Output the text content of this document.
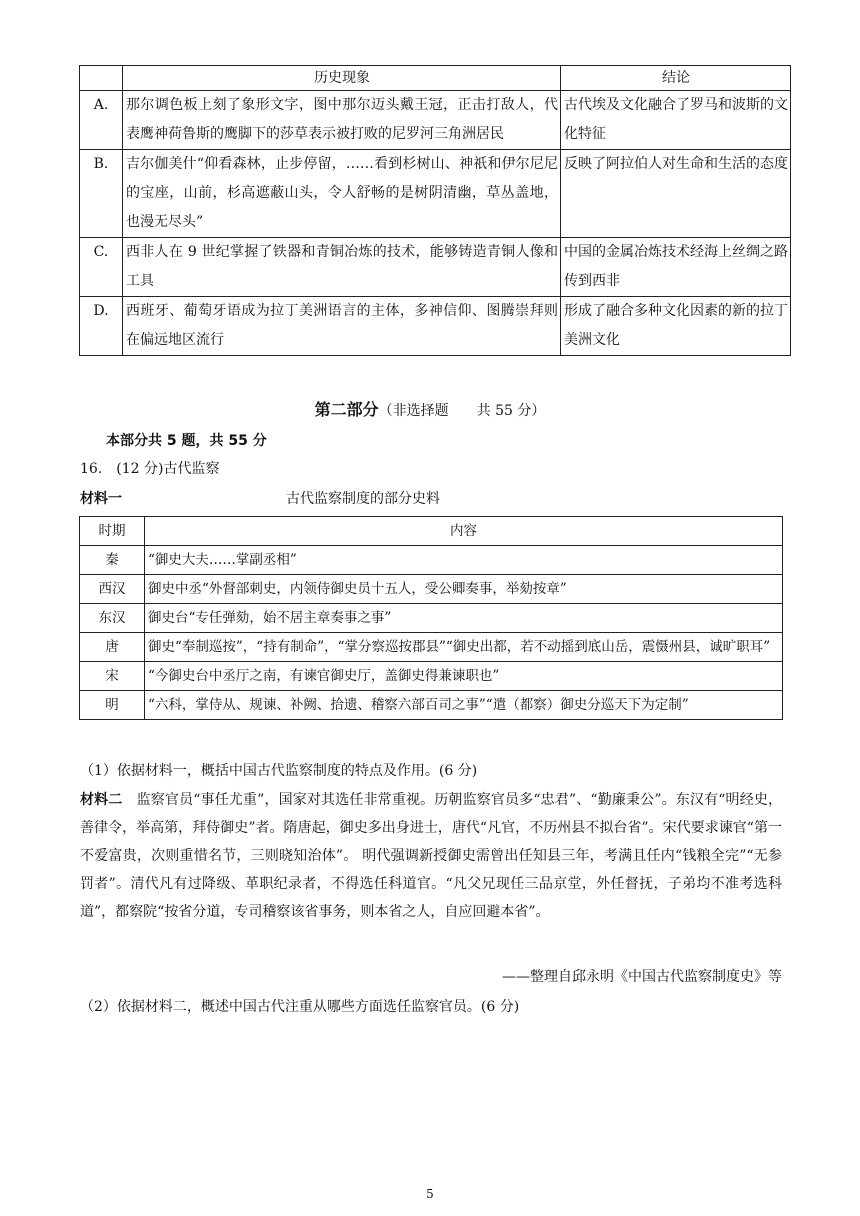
	历史现象	结论
A.	那尔调色板上刻了象形文字，图中那尔迈头戴王冠，正击打敌人，代表鹰神荷鲁斯的鹰脚下的莎草表示被打败的尼罗河三角洲居民	古代埃及文化融合了罗马和波斯的文化特征
B.	吉尔伽美什“仰看森林，止步停留，……看到杉树山、神祇和伊尔尼尼的宝座，山前，杉高遮蔽山头，令人舒畅的是树阴清幽，草丛盖地，也漫无尽头”	反映了阿拉伯人对生命和生活的态度
C.	西非人在 9 世纪掌握了铁器和青铜冶炼的技术，能够铸造青铜人像和工具	中国的金属冶炼技术经海上丝绸之路传到西非
D.	西班牙、葡萄牙语成为拉丁美洲语言的主体，多神信仰、图腾崇拜则在偏远地区流行	形成了融合多种文化因素的新的拉丁美洲文化
第二部分（非选择题　　共 55 分）
本部分共 5 题，共 55 分
16.　(12 分)古代监察
材料一	古代监察制度的部分史料
时期	内容
秦	“御史大夫……掌副丞相”
西汉	御史中丞“外督部刺史，内领侍御史员十五人，受公卿奏事，举劾按章”
东汉	御史台“专任弹劾，始不居主章奏事之事”
唐	御史“奉制巡按”，“持有制命”，“掌分察巡按郡县”“御史出都，若不动摇到底山岳，震慑州县，诚旷职耳”
宋	“今御史台中丞厅之南，有谏官御史厅，盖御史得兼谏职也”
明	“六科，掌侍从、规谏、补阙、拾遗、稽察六部百司之事”“遣（都察）御史分巡天下为定制”
（1）依据材料一，概括中国古代监察制度的特点及作用。(6 分)
材料二　监察官员“事任尤重”，国家对其选任非常重视。历朝监察官员多“忠君”、“勤廉秉公”。东汉有“明经史，善律令，举高第，拜侍御史”者。隋唐起，御史多出身进士，唐代“凡官，不历州县不拟台省”。宋代要求谏官“第一不爱富贵，次则重惜名节，三则晓知治体”。 明代强调新授御史需曾出任知县三年，考满且任内“钱粮全完”“无参罚者”。清代凡有过降级、革职纪录者，不得选任科道官。“凡父兄现任三品京堂，外任督抚，子弟均不准考选科道”，都察院“按省分道，专司稽察该省事务，则本省之人，自应回避本省”。
——整理自邱永明《中国古代监察制度史》等
（2）依据材料二，概述中国古代注重从哪些方面选任监察官员。(6 分)
5
